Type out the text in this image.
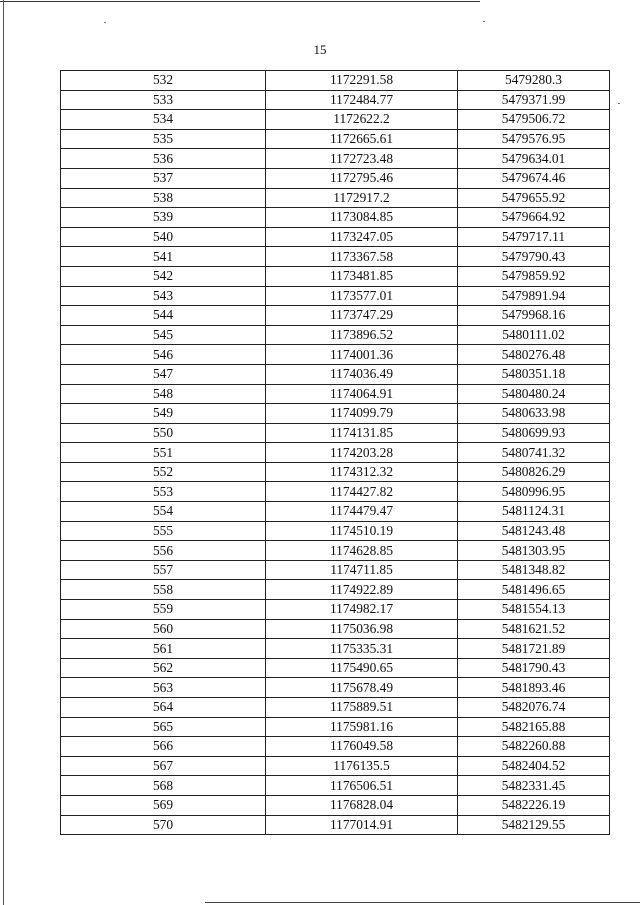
15
532	1172291.58	5479280.3
533	1172484.77	5479371.99
534	1172622.2	5479506.72
535	1172665.61	5479576.95
536	1172723.48	5479634.01
537	1172795.46	5479674.46
538	1172917.2	5479655.92
539	1173084.85	5479664.92
540	1173247.05	5479717.11
541	1173367.58	5479790.43
542	1173481.85	5479859.92
543	1173577.01	5479891.94
544	1173747.29	5479968.16
545	1173896.52	5480111.02
546	1174001.36	5480276.48
547	1174036.49	5480351.18
548	1174064.91	5480480.24
549	1174099.79	5480633.98
550	1174131.85	5480699.93
551	1174203.28	5480741.32
552	1174312.32	5480826.29
553	1174427.82	5480996.95
554	1174479.47	5481124.31
555	1174510.19	5481243.48
556	1174628.85	5481303.95
557	1174711.85	5481348.82
558	1174922.89	5481496.65
559	1174982.17	5481554.13
560	1175036.98	5481621.52
561	1175335.31	5481721.89
562	1175490.65	5481790.43
563	1175678.49	5481893.46
564	1175889.51	5482076.74
565	1175981.16	5482165.88
566	1176049.58	5482260.88
567	1176135.5	5482404.52
568	1176506.51	5482331.45
569	1176828.04	5482226.19
570	1177014.91	5482129.55
